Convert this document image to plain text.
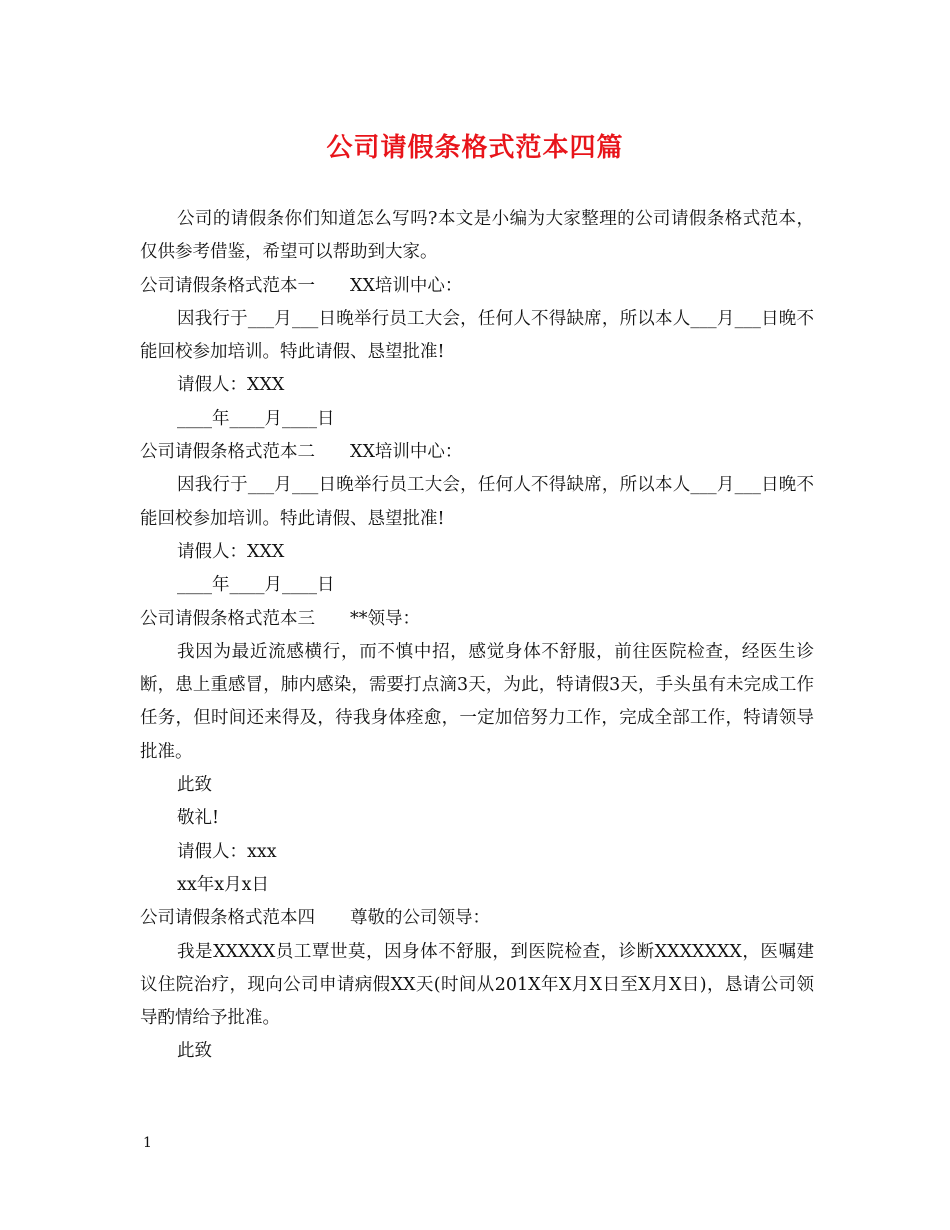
公司请假条格式范本四篇

公司的请假条你们知道怎么写吗?本文是小编为大家整理的公司请假条格式范本，仅供参考借鉴，希望可以帮助到大家。

公司请假条格式范本一　　XX培训中心：

因我行于___月___日晚举行员工大会，任何人不得缺席，所以本人___月___日晚不能回校参加培训。特此请假、恳望批准!

请假人：XXX

____年____月____日

公司请假条格式范本二　　XX培训中心：

因我行于___月___日晚举行员工大会，任何人不得缺席，所以本人___月___日晚不能回校参加培训。特此请假、恳望批准!

请假人：XXX

____年____月____日

公司请假条格式范本三　　**领导：

我因为最近流感横行，而不慎中招，感觉身体不舒服，前往医院检查，经医生诊断，患上重感冒，肺内感染，需要打点滴3天，为此，特请假3天，手头虽有未完成工作任务，但时间还来得及，待我身体痊愈，一定加倍努力工作，完成全部工作，特请领导批准。

此致

敬礼!

请假人：xxx

xx年x月x日

公司请假条格式范本四　　尊敬的公司领导：

我是XXXXX员工覃世莫，因身体不舒服，到医院检查，诊断XXXXXXX，医嘱建议住院治疗，现向公司申请病假XX天(时间从201X年X月X日至X月X日)，恳请公司领导酌情给予批准。

此致

1
